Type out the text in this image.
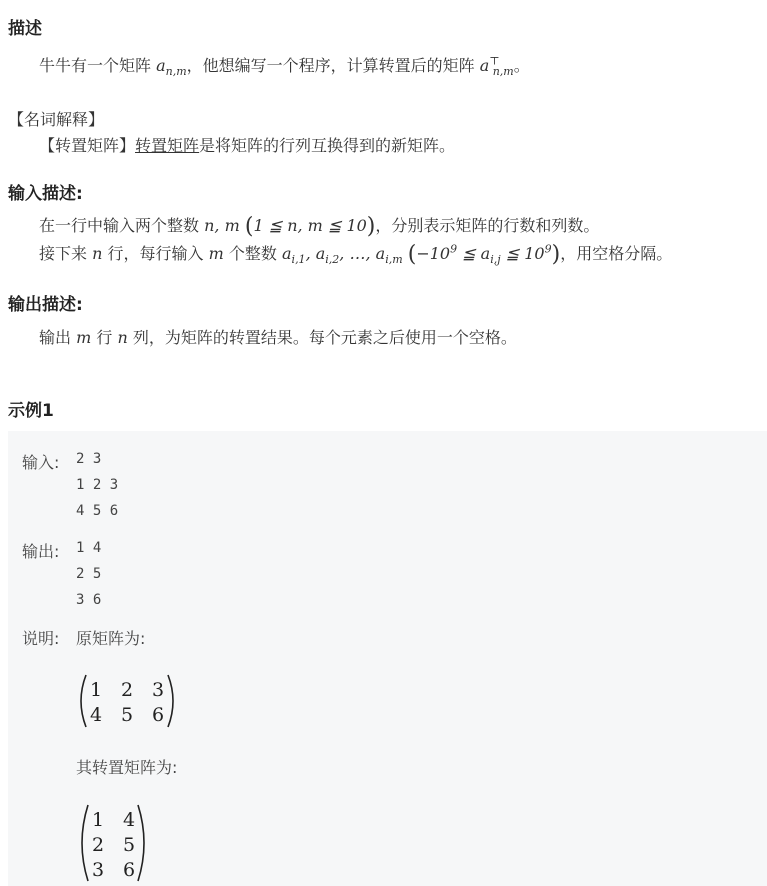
描述
牛牛有一个矩阵 $a_{n,m}$，他想编写一个程序，计算转置后的矩阵 $a^⊤_{n,m}$。
【名词解释】
【转置矩阵】转置矩阵是将矩阵的行列互换得到的新矩阵。
输入描述:
在一行中输入两个整数 n, m (1 ≦ n, m ≦ 10)，分别表示矩阵的行数和列数。
接下来 n 行，每行输入 m 个整数 $a_{i,1}$, $a_{i,2}$, …, $a_{i,m}$ ($-10^9$ ≦ $a_{i,j}$ ≦ $10^9$)，用空格分隔。
输出描述:
输出 m 行 n 列，为矩阵的转置结果。每个元素之后使用一个空格。
示例1
输入: 2 3
1 2 3
4 5 6
输出: 1 4
2 5
3 6
说明: 原矩阵为:
1 2 3
4 5 6
其转置矩阵为:
1 4
2 5
3 6
